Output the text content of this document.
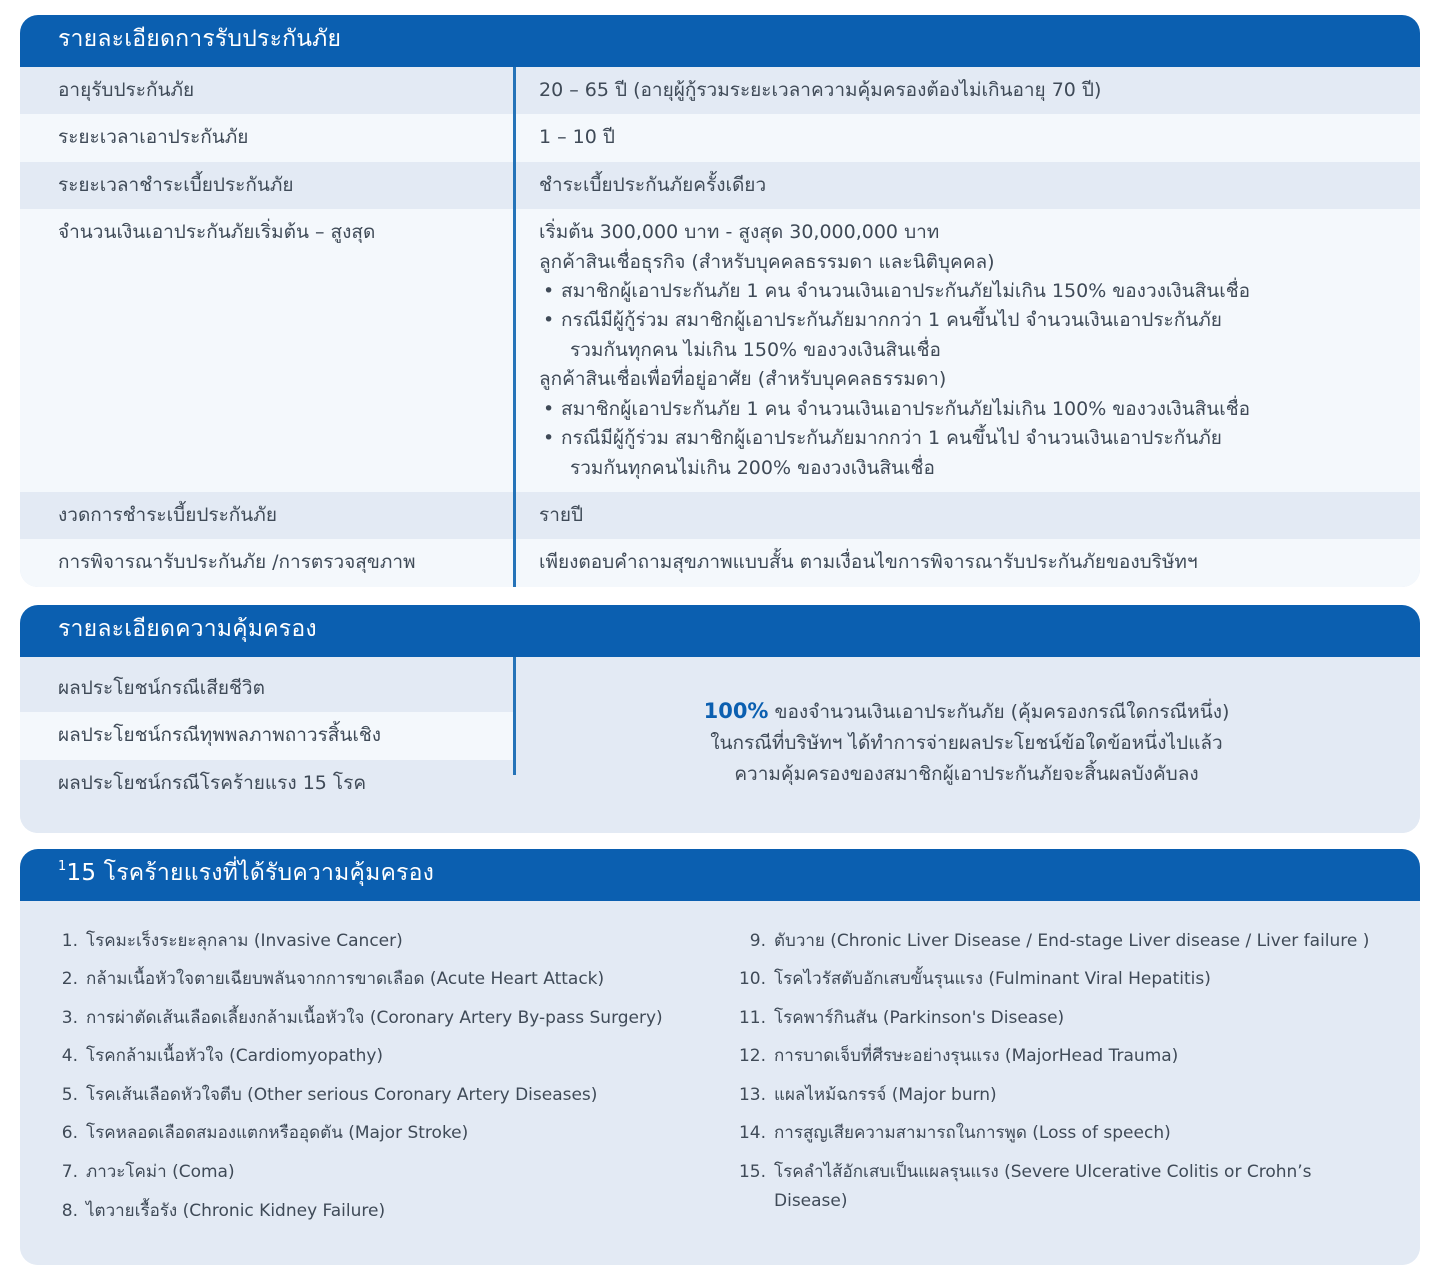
รายละเอียดการรับประกันภัย
อายุรับประกันภัย	20 – 65 ปี (อายุผู้กู้รวมระยะเวลาความคุ้มครองต้องไม่เกินอายุ 70 ปี)
ระยะเวลาเอาประกันภัย	1 – 10 ปี
ระยะเวลาชำระเบี้ยประกันภัย	ชำระเบี้ยประกันภัยครั้งเดียว
จำนวนเงินเอาประกันภัยเริ่มต้น – สูงสุด	เริ่มต้น 300,000 บาท - สูงสุด 30,000,000 บาท
ลูกค้าสินเชื่อธุรกิจ (สำหรับบุคคลธรรมดา และนิติบุคคล)
• สมาชิกผู้เอาประกันภัย 1 คน จำนวนเงินเอาประกันภัยไม่เกิน 150% ของวงเงินสินเชื่อ
• กรณีมีผู้กู้ร่วม สมาชิกผู้เอาประกันภัยมากกว่า 1 คนขึ้นไป จำนวนเงินเอาประกันภัย
รวมกันทุกคน ไม่เกิน 150% ของวงเงินสินเชื่อ
ลูกค้าสินเชื่อเพื่อที่อยู่อาศัย (สำหรับบุคคลธรรมดา)
• สมาชิกผู้เอาประกันภัย 1 คน จำนวนเงินเอาประกันภัยไม่เกิน 100% ของวงเงินสินเชื่อ
• กรณีมีผู้กู้ร่วม สมาชิกผู้เอาประกันภัยมากกว่า 1 คนขึ้นไป จำนวนเงินเอาประกันภัย
รวมกันทุกคนไม่เกิน 200% ของวงเงินสินเชื่อ
งวดการชำระเบี้ยประกันภัย	รายปี
การพิจารณารับประกันภัย /การตรวจสุขภาพ	เพียงตอบคำถามสุขภาพแบบสั้น ตามเงื่อนไขการพิจารณารับประกันภัยของบริษัทฯ
รายละเอียดความคุ้มครอง
ผลประโยชน์กรณีเสียชีวิต
ผลประโยชน์กรณีทุพพลภาพถาวรสิ้นเชิง
ผลประโยชน์กรณีโรคร้ายแรง 15 โรค
100% ของจำนวนเงินเอาประกันภัย (คุ้มครองกรณีใดกรณีหนึ่ง)
ในกรณีที่บริษัทฯ ได้ทำการจ่ายผลประโยชน์ข้อใดข้อหนึ่งไปแล้ว
ความคุ้มครองของสมาชิกผู้เอาประกันภัยจะสิ้นผลบังคับลง
$^1$15 โรคร้ายแรงที่ได้รับความคุ้มครอง
1. โรคมะเร็งระยะลุกลาม (Invasive Cancer)
2. กล้ามเนื้อหัวใจตายเฉียบพลันจากการขาดเลือด (Acute Heart Attack)
3. การผ่าตัดเส้นเลือดเลี้ยงกล้ามเนื้อหัวใจ (Coronary Artery By-pass Surgery)
4. โรคกล้ามเนื้อหัวใจ (Cardiomyopathy)
5. โรคเส้นเลือดหัวใจตีบ (Other serious Coronary Artery Diseases)
6. โรคหลอดเลือดสมองแตกหรืออุดตัน (Major Stroke)
7. ภาวะโคม่า (Coma)
8. ไตวายเรื้อรัง (Chronic Kidney Failure)
9. ตับวาย (Chronic Liver Disease / End-stage Liver disease / Liver failure )
10. โรคไวรัสตับอักเสบขั้นรุนแรง (Fulminant Viral Hepatitis)
11. โรคพาร์กินสัน (Parkinson's Disease)
12. การบาดเจ็บที่ศีรษะอย่างรุนแรง (MajorHead Trauma)
13. แผลไหม้ฉกรรจ์ (Major burn)
14. การสูญเสียความสามารถในการพูด (Loss of speech)
15. โรคลำไส้อักเสบเป็นแผลรุนแรง (Severe Ulcerative Colitis or Crohn’s Disease)
